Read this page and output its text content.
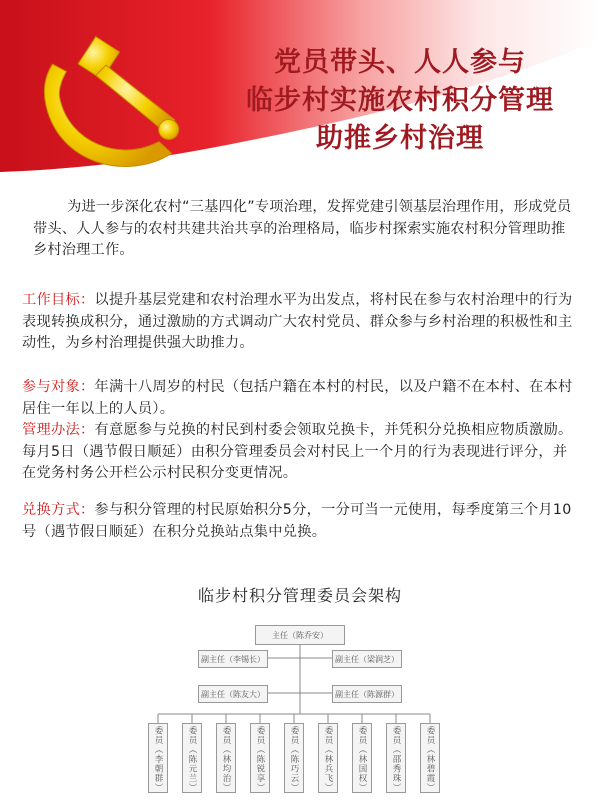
党员带头、人人参与
临步村实施农村积分管理
助推乡村治理
为进一步深化农村“三基四化”专项治理，发挥党建引领基层治理作用，形成党员带头、人人参与的农村共建共治共享的治理格局，临步村探索实施农村积分管理助推乡村治理工作。
工作目标：以提升基层党建和农村治理水平为出发点，将村民在参与农村治理中的行为表现转换成积分，通过激励的方式调动广大农村党员、群众参与乡村治理的积极性和主动性，为乡村治理提供强大助推力。
参与对象：年满十八周岁的村民（包括户籍在本村的村民，以及户籍不在本村、在本村居住一年以上的人员）。
管理办法：有意愿参与兑换的村民到村委会领取兑换卡，并凭积分兑换相应物质激励。每月5日（遇节假日顺延）由积分管理委员会对村民上一个月的行为表现进行评分，并在党务村务公开栏公示村民积分变更情况。
兑换方式：参与积分管理的村民原始积分5分，一分可当一元使用，每季度第三个月10号（遇节假日顺延）在积分兑换站点集中兑换。
临步村积分管理委员会架构
主任（陈乔安）
副主任（李锡长）	副主任（梁润芝）
副主任（陈友大）	副主任（陈源群）
委员（李朝群）	委员（陈元兰）	委员（林均治）	委员（陈锐享）	委员（陈巧云）	委员（林兵飞）	委员（林国权）	委员（邵秀珠）	委员（林碧霞）
